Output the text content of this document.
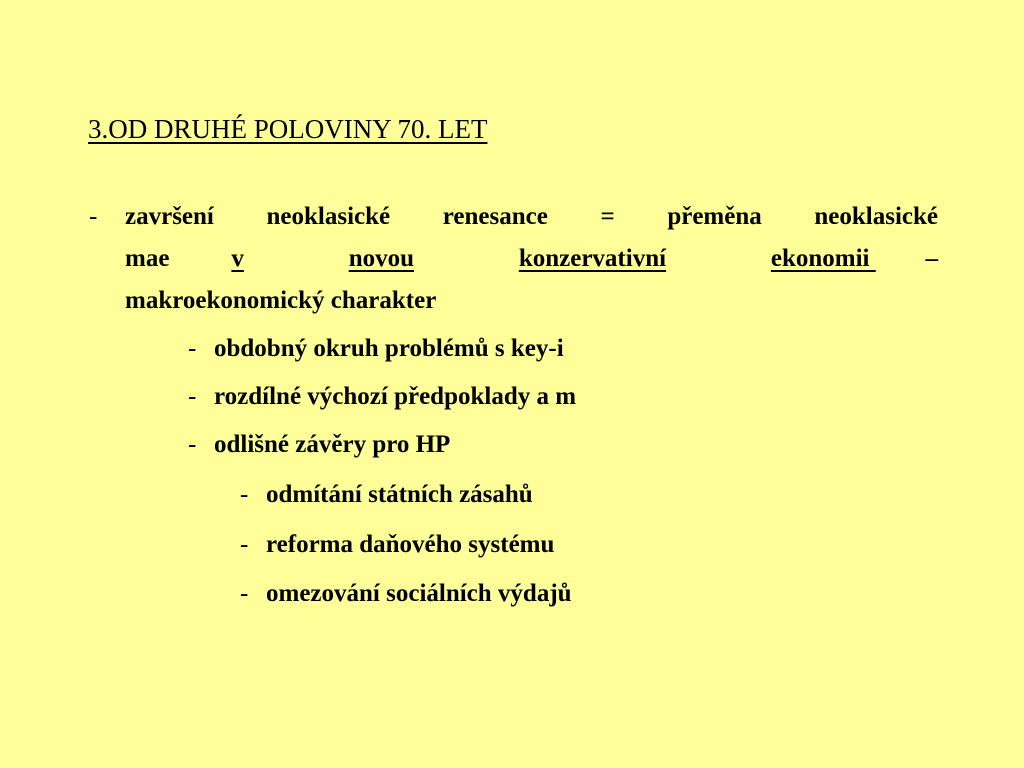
3.OD DRUHÉ POLOVINY 70. LET
- završení neoklasické renesance = přeměna neoklasické
mae v	novou	konzervativní	ekonomii
–
makroekonomický charakter
- obdobný okruh problémů s key-i
- rozdílné výchozí předpoklady a m
- odlišné závěry pro HP
- odmítání státních zásahů
- reforma daňového systému
- omezování sociálních výdajů
